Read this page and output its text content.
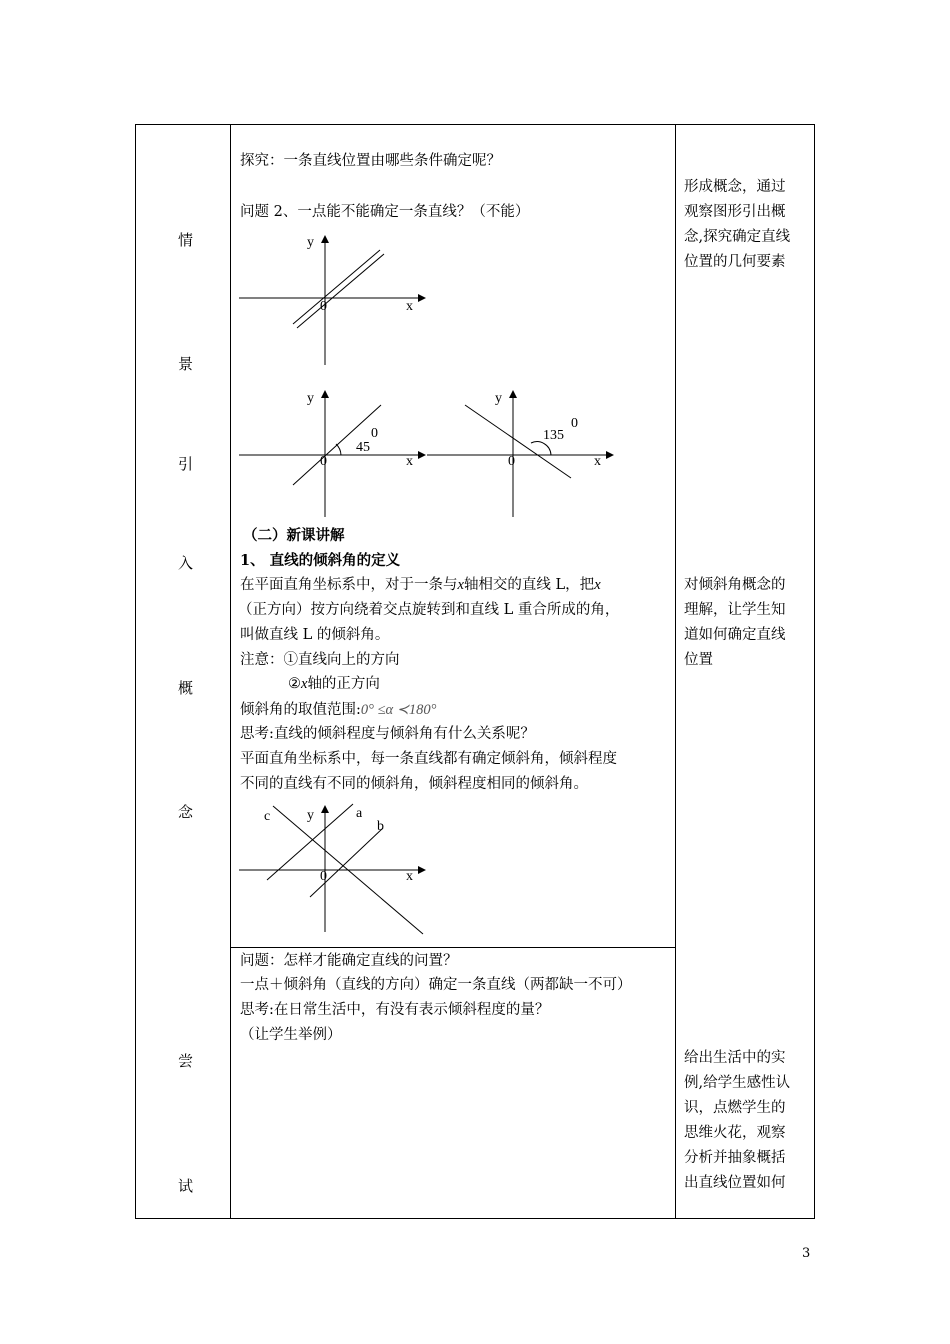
情
景
引
入
概
念
尝
试
探究：一条直线位置由哪些条件确定呢？
问题 2、一点能不能确定一条直线？（不能）
y
x
0
y
x
0
45
0
y
x
0
135
0
（二）新课讲解
1、 直线的倾斜角的定义
在平面直角坐标系中，对于一条与x轴相交的直线 L，把x
（正方向）按方向绕着交点旋转到和直线 L 重合所成的角，
叫做直线 L 的倾斜角。
注意：①直线向上的方向
②x轴的正方向
倾斜角的取值范围:0° ≤α ≺180°
思考:直线的倾斜程度与倾斜角有什么关系呢？
平面直角坐标系中，每一条直线都有确定倾斜角，倾斜程度
不同的直线有不同的倾斜角，倾斜程度相同的倾斜角。
c	y	a
b
x
0
问题：怎样才能确定直线的问置？
一点＋倾斜角（直线的方向）确定一条直线（两都缺一不可）
思考:在日常生活中，有没有表示倾斜程度的量？
（让学生举例）
形成概念，通过
观察图形引出概
念,探究确定直线
位置的几何要素
对倾斜角概念的
理解，让学生知
道如何确定直线
位置
给出生活中的实
例,给学生感性认
识，点燃学生的
思维火花，观察
分析并抽象概括
出直线位置如何
3
